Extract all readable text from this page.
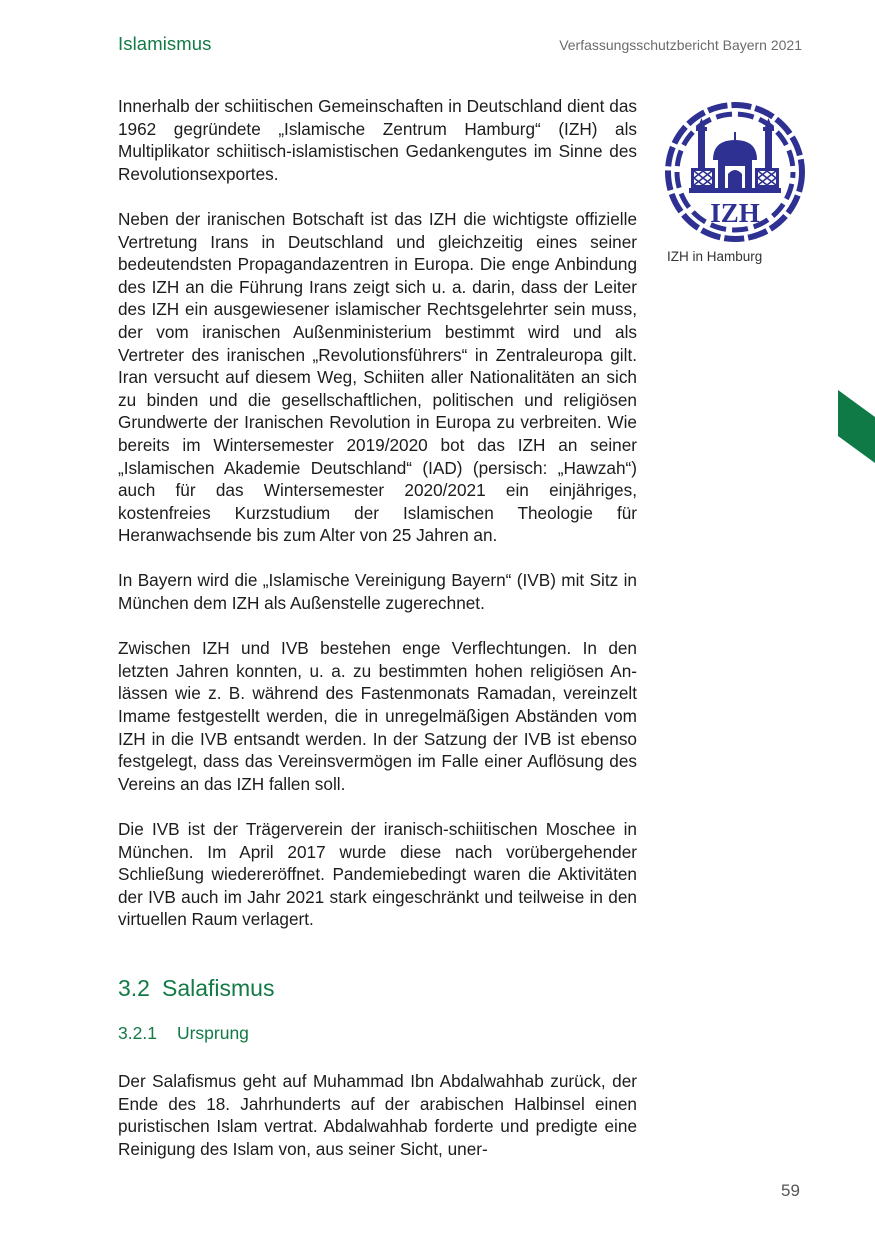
Islamismus	Verfassungsschutzbericht Bayern 2021

Innerhalb der schiitischen Gemeinschaften in Deutschland dient das 1962 gegründete „Islamische Zentrum Hamburg“ (IZH) als Multiplikator schiitisch-islamistischen Gedankengutes im Sinne des Revolutionsexportes.

Neben der iranischen Botschaft ist das IZH die wichtigste offizielle Vertretung Irans in Deutschland und gleichzeitig eines seiner bedeutendsten Propagandazentren in Europa. Die enge Anbindung des IZH an die Führung Irans zeigt sich u. a. darin, dass der Leiter des IZH ein ausgewiesener islamischer Rechtsgelehrter sein muss, der vom iranischen Außenministerium bestimmt wird und als Vertreter des iranischen „Revolutionsführers“ in Zentraleuropa gilt. Iran versucht auf diesem Weg, Schiiten aller Nationalitäten an sich zu binden und die gesellschaftlichen, politischen und religiösen Grundwerte der Iranischen Revolution in Europa zu verbreiten. Wie bereits im Wintersemester 2019/2020 bot das IZH an seiner „Islamischen Akademie Deutschland“ (IAD) (persisch: „Hawzah“) auch für das Wintersemester 2020/2021 ein einjähriges, kostenfreies Kurzstudium der Islamischen Theologie für Heranwachsende bis zum Alter von 25 Jahren an.

In Bayern wird die „Islamische Vereinigung Bayern“ (IVB) mit Sitz in München dem IZH als Außenstelle zugerechnet.

Zwischen IZH und IVB bestehen enge Verflechtungen. In den letzten Jahren konnten, u. a. zu bestimmten hohen religiösen Anlässen wie z. B. während des Fastenmonats Ramadan, vereinzelt Imame festgestellt werden, die in unregelmäßigen Abständen vom IZH in die IVB entsandt werden. In der Satzung der IVB ist ebenso festgelegt, dass das Vereinsvermögen im Falle einer Auflösung des Vereins an das IZH fallen soll.

Die IVB ist der Trägerverein der iranisch-schiitischen Moschee in München. Im April 2017 wurde diese nach vorübergehender Schließung wiedereröffnet. Pandemiebedingt waren die Aktivitäten der IVB auch im Jahr 2021 stark eingeschränkt und teilweise in den virtuellen Raum verlagert.

3.2 Salafismus
3.2.1 Ursprung

Der Salafismus geht auf Muhammad Ibn Abdalwahhab zurück, der Ende des 18. Jahrhunderts auf der arabischen Halbinsel einen puristischen Islam vertrat. Abdalwahhab forderte und predigte eine Reinigung des Islam von, aus seiner Sicht, uner-

IZH
IZH in Hamburg
59
